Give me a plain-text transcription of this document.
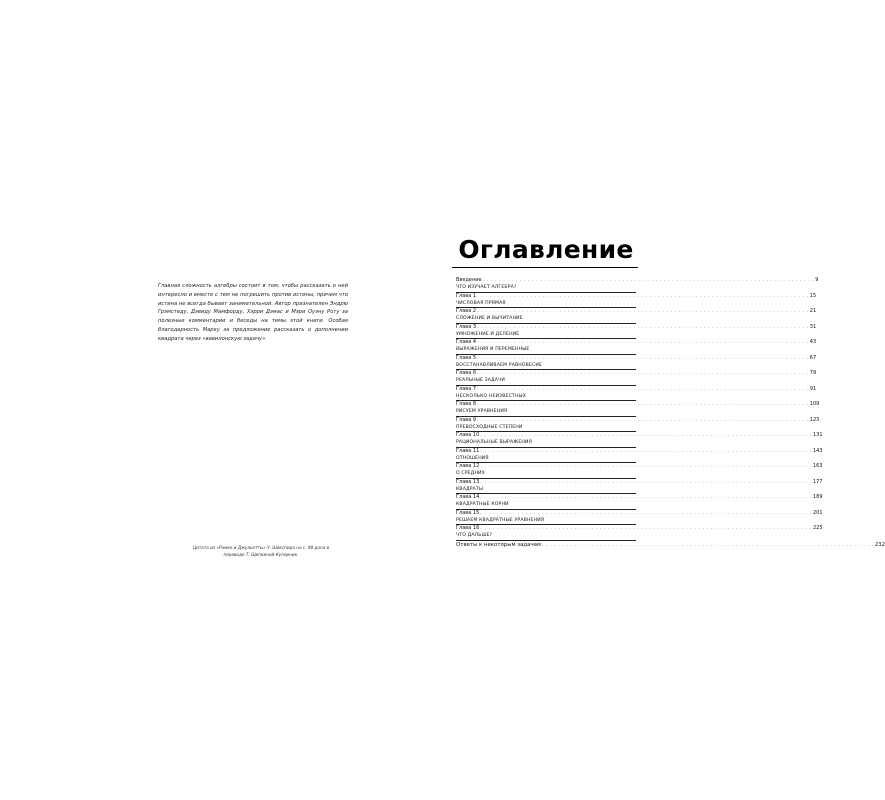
Главная сложность алгебры состоит в том, чтобы рассказать о ней интересно и вместе с тем не погрешить против истины, причем что истина не всегда бывает занимательной. Автор признателен Эндрю Грэмстеду, Дэвиду Мамфорду, Хэрри Дэмас и Мэри Оуэну Роту за полезные комментарии и беседы на темы этой книги. Особая благодарность Марку за предложение рассказать о дополнении квадрата через «вавилонскую задачу».

Цитата из «Ромео и Джульетты» У. Шекспира на с. 98 дана в переводе Т. Щепкиной-Куперник.
Оглавление
Введение . . . . . . . . . . . . . . . . . . . . . . . . . . . . . . . . . . . . . . . . . . . . . . . . . . . . . . . . . . . . . . . . . . . . . . . . . . . . . . . . . 9
ЧТО ИЗУЧАЕТ АЛГЕБРА?
Глава 1 . . . . . . . . . . . . . . . . . . . . . . . . . . . . . . . . . . . . . . . . . . . . . . . . . . . . . . . . . . . . . . . . . . . . . . . . . . . . . . . . . 15
ЧИСЛОВАЯ ПРЯМАЯ
Глава 2 . . . . . . . . . . . . . . . . . . . . . . . . . . . . . . . . . . . . . . . . . . . . . . . . . . . . . . . . . . . . . . . . . . . . . . . . . . . . . . . . . 21
СЛОЖЕНИЕ И ВЫЧИТАНИЕ
Глава 3 . . . . . . . . . . . . . . . . . . . . . . . . . . . . . . . . . . . . . . . . . . . . . . . . . . . . . . . . . . . . . . . . . . . . . . . . . . . . . . . . . 31
УМНОЖЕНИЕ И ДЕЛЕНИЕ
Глава 4 . . . . . . . . . . . . . . . . . . . . . . . . . . . . . . . . . . . . . . . . . . . . . . . . . . . . . . . . . . . . . . . . . . . . . . . . . . . . . . . . . 43
ВЫРАЖЕНИЯ И ПЕРЕМЕННЫЕ
Глава 5 . . . . . . . . . . . . . . . . . . . . . . . . . . . . . . . . . . . . . . . . . . . . . . . . . . . . . . . . . . . . . . . . . . . . . . . . . . . . . . . . . 67
ВОССТАНАВЛИВАЕМ РАВНОВЕСИЕ
Глава 6 . . . . . . . . . . . . . . . . . . . . . . . . . . . . . . . . . . . . . . . . . . . . . . . . . . . . . . . . . . . . . . . . . . . . . . . . . . . . . . . . . 79
РЕАЛЬНЫЕ ЗАДАЧИ
Глава 7 . . . . . . . . . . . . . . . . . . . . . . . . . . . . . . . . . . . . . . . . . . . . . . . . . . . . . . . . . . . . . . . . . . . . . . . . . . . . . . . . . 91
НЕСКОЛЬКО НЕИЗВЕСТНЫХ
Глава 8 . . . . . . . . . . . . . . . . . . . . . . . . . . . . . . . . . . . . . . . . . . . . . . . . . . . . . . . . . . . . . . . . . . . . . . . . . . . . . . . . . 109
РИСУЕМ УРАВНЕНИЯ
Глава 9 . . . . . . . . . . . . . . . . . . . . . . . . . . . . . . . . . . . . . . . . . . . . . . . . . . . . . . . . . . . . . . . . . . . . . . . . . . . . . . . . . 123
ПРЕВОСХОДНЫЕ СТЕПЕНИ
Глава 10 . . . . . . . . . . . . . . . . . . . . . . . . . . . . . . . . . . . . . . . . . . . . . . . . . . . . . . . . . . . . . . . . . . . . . . . . . . . . . . . . . 131
РАЦИОНАЛЬНЫЕ ВЫРАЖЕНИЯ
Глава 11 . . . . . . . . . . . . . . . . . . . . . . . . . . . . . . . . . . . . . . . . . . . . . . . . . . . . . . . . . . . . . . . . . . . . . . . . . . . . . . . . . 143
ОТНОШЕНИЯ
Глава 12 . . . . . . . . . . . . . . . . . . . . . . . . . . . . . . . . . . . . . . . . . . . . . . . . . . . . . . . . . . . . . . . . . . . . . . . . . . . . . . . . . 163
О СРЕДНИХ
Глава 13 . . . . . . . . . . . . . . . . . . . . . . . . . . . . . . . . . . . . . . . . . . . . . . . . . . . . . . . . . . . . . . . . . . . . . . . . . . . . . . . . . 177
КВАДРАТЫ
Глава 14 . . . . . . . . . . . . . . . . . . . . . . . . . . . . . . . . . . . . . . . . . . . . . . . . . . . . . . . . . . . . . . . . . . . . . . . . . . . . . . . . . 189
КВАДРАТНЫЕ КОРНИ
Глава 15 . . . . . . . . . . . . . . . . . . . . . . . . . . . . . . . . . . . . . . . . . . . . . . . . . . . . . . . . . . . . . . . . . . . . . . . . . . . . . . . . . 201
РЕШАЕМ КВАДРАТНЫЕ УРАВНЕНИЯ
Глава 16 . . . . . . . . . . . . . . . . . . . . . . . . . . . . . . . . . . . . . . . . . . . . . . . . . . . . . . . . . . . . . . . . . . . . . . . . . . . . . . . . . 225
ЧТО ДАЛЬШЕ?
Ответы к некоторым задачам . . . . . . . . . . . . . . . . . . . . . . . . . . . . . . . . . . . . . . . . . . . . . . . . . . . . . . . . . . . . . . . . . . . . . . . . . . . . . . . . . 232
